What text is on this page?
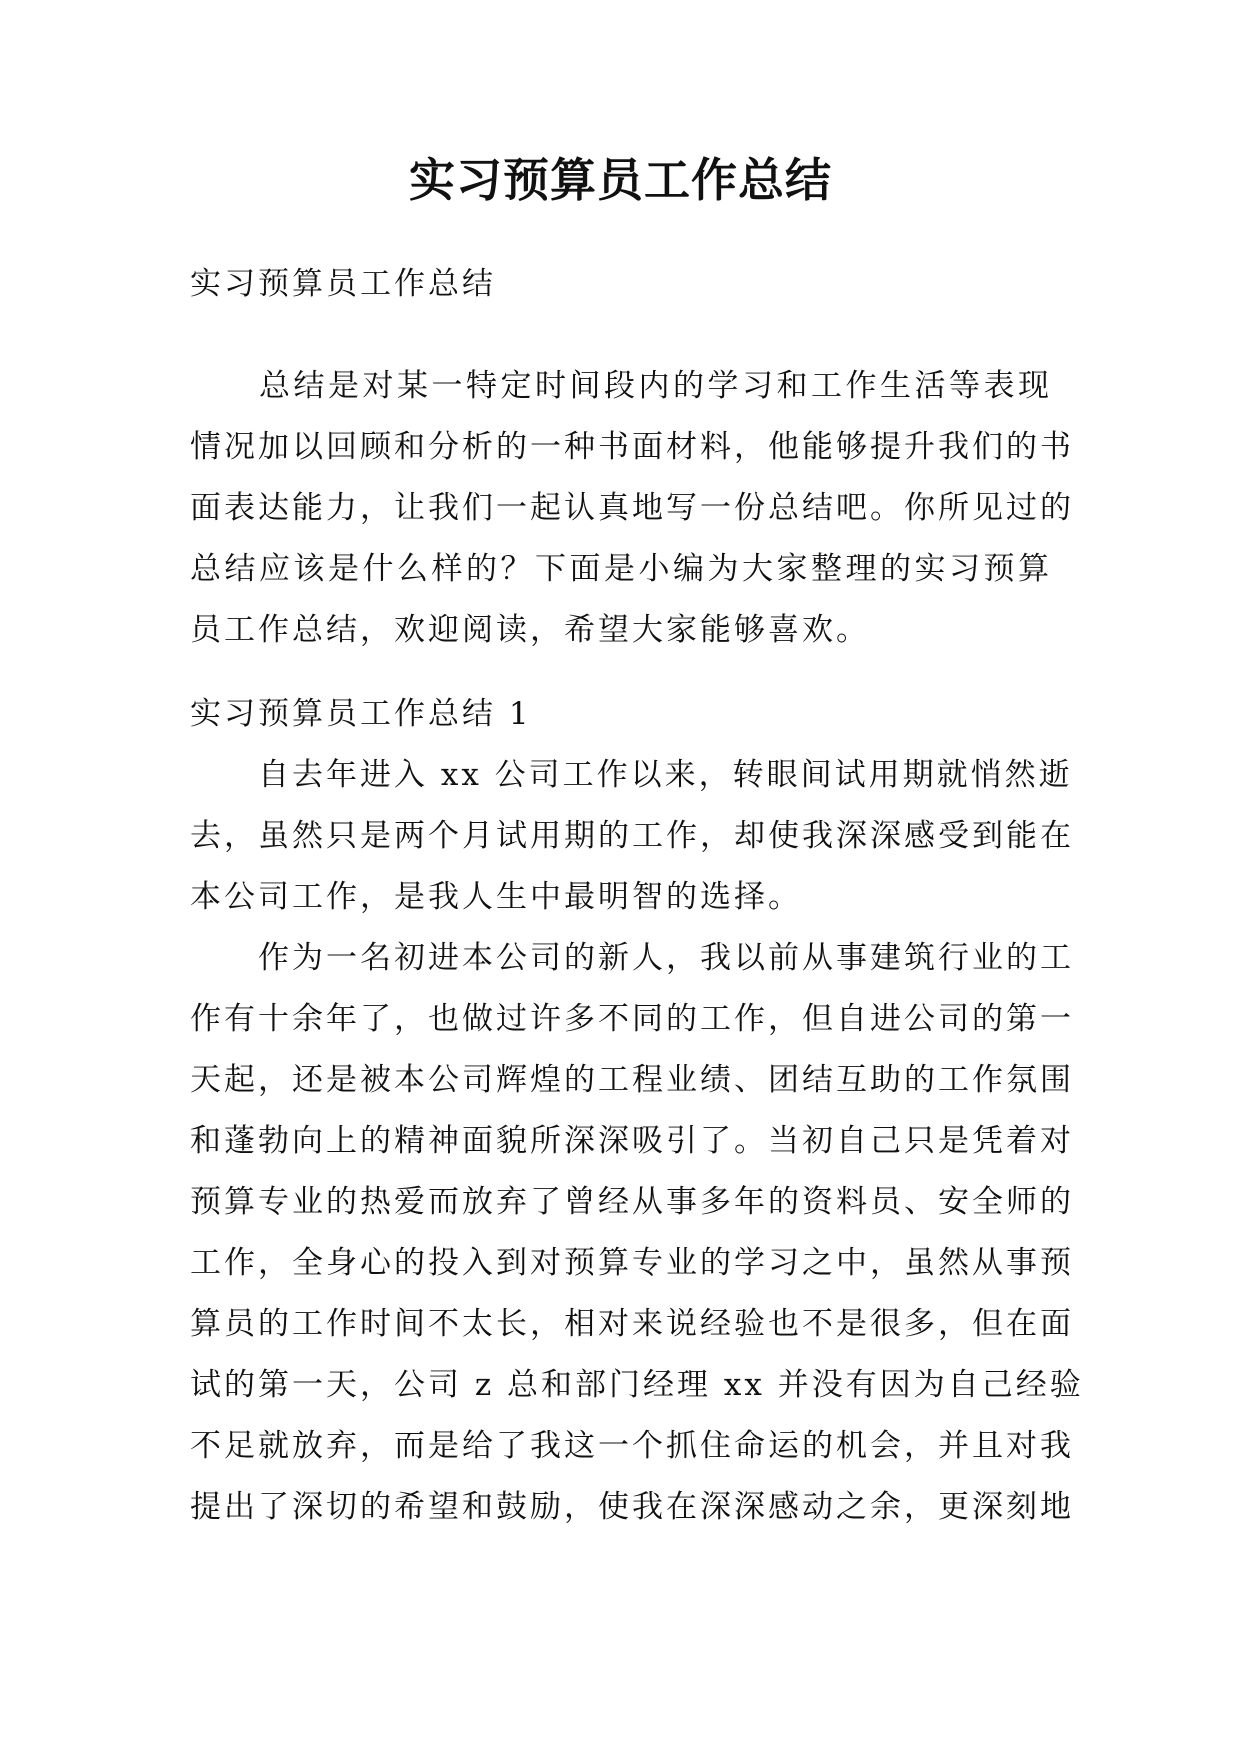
实习预算员工作总结

实习预算员工作总结

　　总结是对某一特定时间段内的学习和工作生活等表现
情况加以回顾和分析的一种书面材料，他能够提升我们的书
面表达能力，让我们一起认真地写一份总结吧。你所见过的
总结应该是什么样的？下面是小编为大家整理的实习预算
员工作总结，欢迎阅读，希望大家能够喜欢。

实习预算员工作总结 1

　　自去年进入 xx 公司工作以来，转眼间试用期就悄然逝
去，虽然只是两个月试用期的工作，却使我深深感受到能在
本公司工作，是我人生中最明智的选择。
　　作为一名初进本公司的新人，我以前从事建筑行业的工
作有十余年了，也做过许多不同的工作，但自进公司的第一
天起，还是被本公司辉煌的工程业绩、团结互助的工作氛围
和蓬勃向上的精神面貌所深深吸引了。当初自己只是凭着对
预算专业的热爱而放弃了曾经从事多年的资料员、安全师的
工作，全身心的投入到对预算专业的学习之中，虽然从事预
算员的工作时间不太长，相对来说经验也不是很多，但在面
试的第一天，公司 z 总和部门经理 xx 并没有因为自己经验
不足就放弃，而是给了我这一个抓住命运的机会，并且对我
提出了深切的希望和鼓励，使我在深深感动之余，更深刻地
